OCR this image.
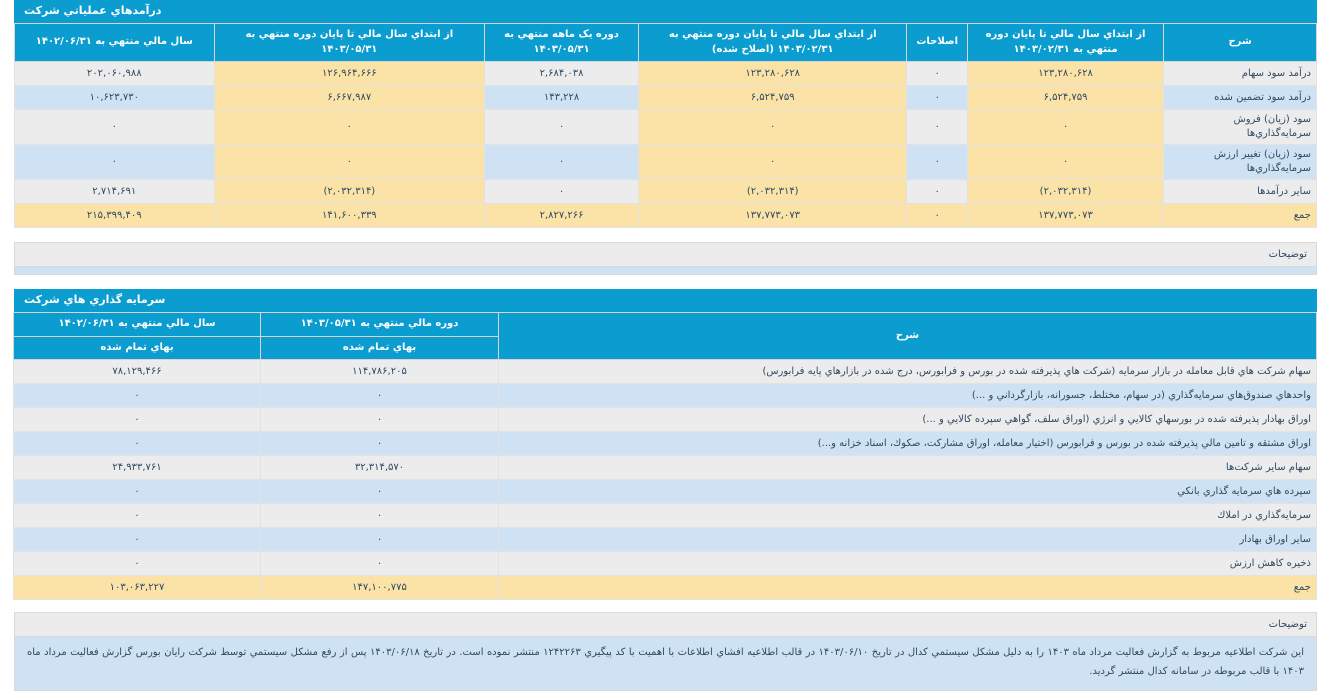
درآمدهاي عملياتي شركت
شرح	از ابتداي سال مالي تا پايان دوره منتهي به ۱۴۰۳/۰۲/۳۱	اصلاحات	از ابتداي سال مالي تا پايان دوره منتهي به ۱۴۰۳/۰۲/۳۱ (اصلاح شده)	دوره يک ماهه منتهي به ۱۴۰۳/۰۵/۳۱	از ابتداي سال مالي تا پايان دوره منتهي به ۱۴۰۳/۰۵/۳۱	سال مالي منتهي به ۱۴۰۲/۰۶/۳۱
درآمد سود سهام	۱۲۳,۲۸۰,۶۲۸	۰	۱۲۳,۲۸۰,۶۲۸	۲,۶۸۴,۰۳۸	۱۲۶,۹۶۴,۶۶۶	۲۰۲,۰۶۰,۹۸۸
درآمد سود تضمين شده	۶,۵۲۴,۷۵۹	۰	۶,۵۲۴,۷۵۹	۱۴۳,۲۲۸	۶,۶۶۷,۹۸۷	۱۰,۶۲۳,۷۳۰
سود (زيان) فروش سرمايه‌گذاري‌ها	۰	۰	۰	۰	۰	۰
سود (زيان) تغيير ارزش سرمايه‌گذاري‌ها	۰	۰	۰	۰	۰	۰
ساير درآمدها	(۲,۰۳۲,۳۱۴)	۰	(۲,۰۳۲,۳۱۴)	۰	(۲,۰۳۲,۳۱۴)	۲,۷۱۴,۶۹۱
جمع	۱۳۷,۷۷۳,۰۷۳	۰	۱۳۷,۷۷۳,۰۷۳	۲,۸۲۷,۲۶۶	۱۴۱,۶۰۰,۳۳۹	۲۱۵,۳۹۹,۴۰۹
توضيحات
سرمايه گذاري هاي شركت
شرح	دوره مالي منتهي به ۱۴۰۳/۰۵/۳۱	سال مالي منتهي به ۱۴۰۲/۰۶/۳۱
	بهاي تمام شده	بهاي تمام شده
سهام شركت هاي قابل معامله در بازار سرمايه (شركت هاي پذيرفته شده در بورس و فرابورس، درج شده در بازارهاي پايه فرابورس)	۱۱۴,۷۸۶,۲۰۵	۷۸,۱۲۹,۴۶۶
واحدهاي صندوق‌هاي سرمايه‌گذاري (در سهام، مختلط، جسورانه، بازارگرداني و ...)	۰	۰
اوراق بهادار پذيرفته شده در بورسهاي كالايي و انرژي (اوراق سلف، گواهي سپرده كالايي و ...)	۰	۰
اوراق مشتقه و تامين مالي پذيرفته شده در بورس و فرابورس (اختيار معامله، اوراق مشاركت، صكوك، اسناد خزانه و...)	۰	۰
سهام ساير شركت‌ها	۳۲,۳۱۴,۵۷۰	۲۴,۹۳۳,۷۶۱
سپرده هاي سرمايه گذاري بانكي	۰	۰
سرمايه‌گذاري در املاك	۰	۰
ساير اوراق بهادار	۰	۰
ذخيره كاهش ارزش	۰	۰
جمع	۱۴۷,۱۰۰,۷۷۵	۱۰۳,۰۶۳,۲۲۷
توضيحات
اين شركت اطلاعيه مربوط به گزارش فعاليت مرداد ماه ۱۴۰۳ را به دليل مشكل سيستمي كدال در تاريخ ۱۴۰۳/۰۶/۱۰ در قالب اطلاعيه افشاي اطلاعات با اهميت با كد پيگيري ۱۲۴۲۲۶۳ منتشر نموده است. در تاريخ ۱۴۰۳/۰۶/۱۸ پس از رفع مشكل سيستمي توسط شركت رايان بورس گزارش فعاليت مرداد ماه ۱۴۰۳ با قالب مربوطه در سامانه كدال منتشر گرديد.
